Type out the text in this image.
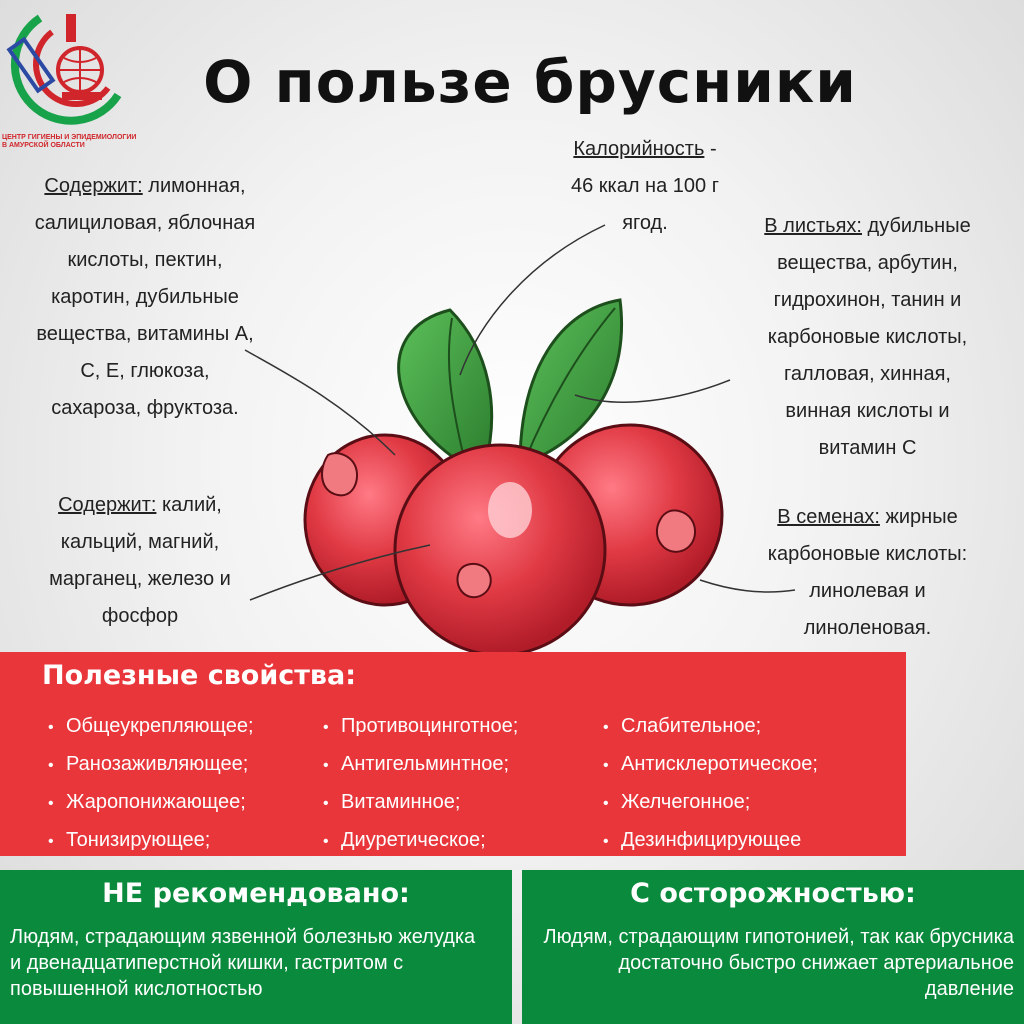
ЦЕНТР ГИГИЕНЫ И ЭПИДЕМИОЛОГИИ
В АМУРСКОЙ ОБЛАСТИ
О пользе брусники
Калорийность -
46 ккал на 100 г
ягод.
Содержит: лимонная,
салициловая, яблочная
кислоты, пектин,
каротин, дубильные
вещества, витамины А,
С, Е, глюкоза,
сахароза, фруктоза.
Содержит: калий,
кальций, магний,
марганец, железо и
фосфор
В листьях: дубильные
вещества, арбутин,
гидрохинон, танин и
карбоновые кислоты,
галловая, хинная,
винная кислоты и
витамин С
В семенах: жирные
карбоновые кислоты:
линолевая и
линоленовая.
Полезные свойства:
• Общеукрепляющее;
• Ранозаживляющее;
• Жаропонижающее;
• Тонизирующее;
• Противоцинготное;
• Антигельминтное;
• Витаминное;
• Диуретическое;
• Слабительное;
• Антисклеротическое;
• Желчегонное;
• Дезинфицирующее
НЕ рекомендовано:	С осторожностью:
Людям, страдающим язвенной болезнью желудка и двенадцатиперстной кишки, гастритом с повышенной кислотностью
Людям, страдающим гипотонией, так как брусника достаточно быстро снижает артериальное давление
